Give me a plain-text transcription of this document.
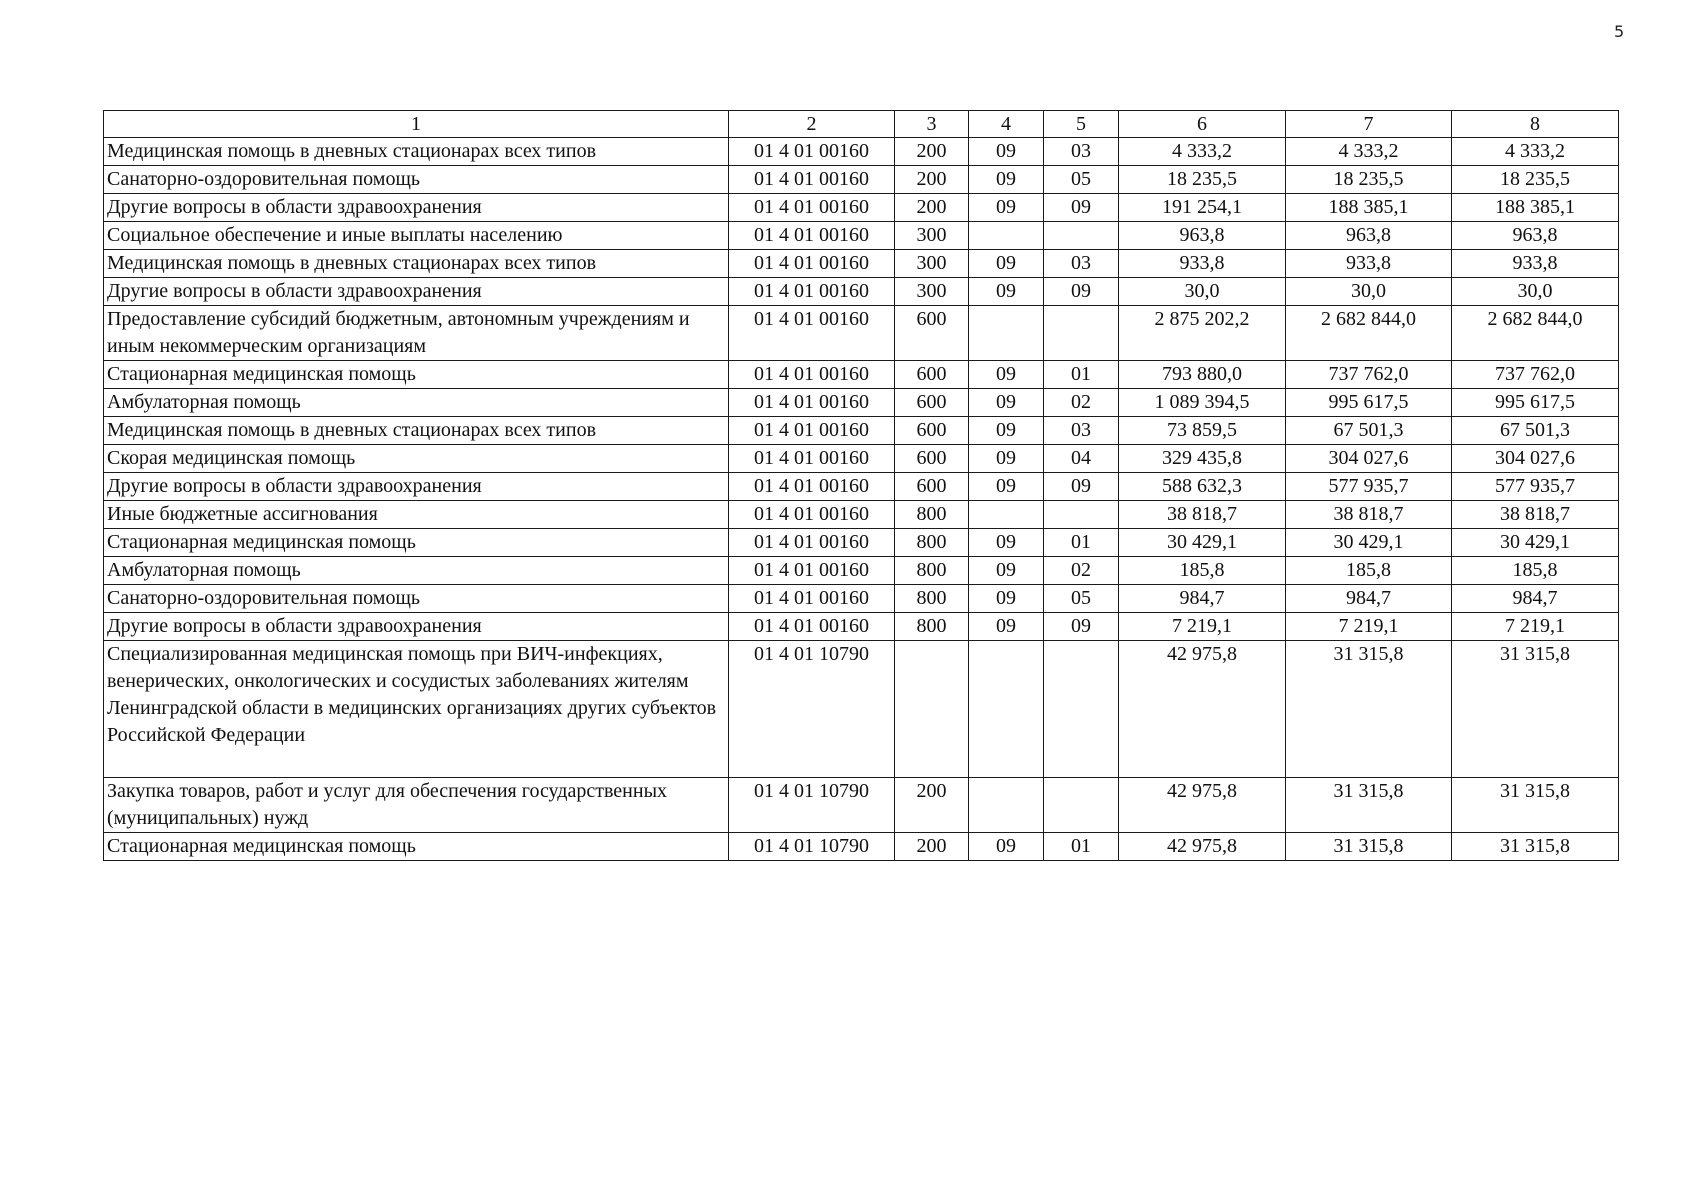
5
1	2	3	4	5	6	7	8
Медицинская помощь в дневных стационарах всех типов	01 4 01 00160	200	09	03	4 333,2	4 333,2	4 333,2
Санаторно-оздоровительная помощь	01 4 01 00160	200	09	05	18 235,5	18 235,5	18 235,5
Другие вопросы в области здравоохранения	01 4 01 00160	200	09	09	191 254,1	188 385,1	188 385,1
Социальное обеспечение и иные выплаты населению	01 4 01 00160	300			963,8	963,8	963,8
Медицинская помощь в дневных стационарах всех типов	01 4 01 00160	300	09	03	933,8	933,8	933,8
Другие вопросы в области здравоохранения	01 4 01 00160	300	09	09	30,0	30,0	30,0
Предоставление субсидий бюджетным, автономным учреждениям и иным некоммерческим организациям	01 4 01 00160	600			2 875 202,2	2 682 844,0	2 682 844,0
Стационарная медицинская помощь	01 4 01 00160	600	09	01	793 880,0	737 762,0	737 762,0
Амбулаторная помощь	01 4 01 00160	600	09	02	1 089 394,5	995 617,5	995 617,5
Медицинская помощь в дневных стационарах всех типов	01 4 01 00160	600	09	03	73 859,5	67 501,3	67 501,3
Скорая медицинская помощь	01 4 01 00160	600	09	04	329 435,8	304 027,6	304 027,6
Другие вопросы в области здравоохранения	01 4 01 00160	600	09	09	588 632,3	577 935,7	577 935,7
Иные бюджетные ассигнования	01 4 01 00160	800			38 818,7	38 818,7	38 818,7
Стационарная медицинская помощь	01 4 01 00160	800	09	01	30 429,1	30 429,1	30 429,1
Амбулаторная помощь	01 4 01 00160	800	09	02	185,8	185,8	185,8
Санаторно-оздоровительная помощь	01 4 01 00160	800	09	05	984,7	984,7	984,7
Другие вопросы в области здравоохранения	01 4 01 00160	800	09	09	7 219,1	7 219,1	7 219,1
Специализированная медицинская помощь при ВИЧ-инфекциях, венерических, онкологических и сосудистых заболеваниях жителям Ленинградской области в медицинских организациях других субъектов Российской Федерации	01 4 01 10790				42 975,8	31 315,8	31 315,8
Закупка товаров, работ и услуг для обеспечения государственных (муниципальных) нужд	01 4 01 10790	200			42 975,8	31 315,8	31 315,8
Стационарная медицинская помощь	01 4 01 10790	200	09	01	42 975,8	31 315,8	31 315,8
